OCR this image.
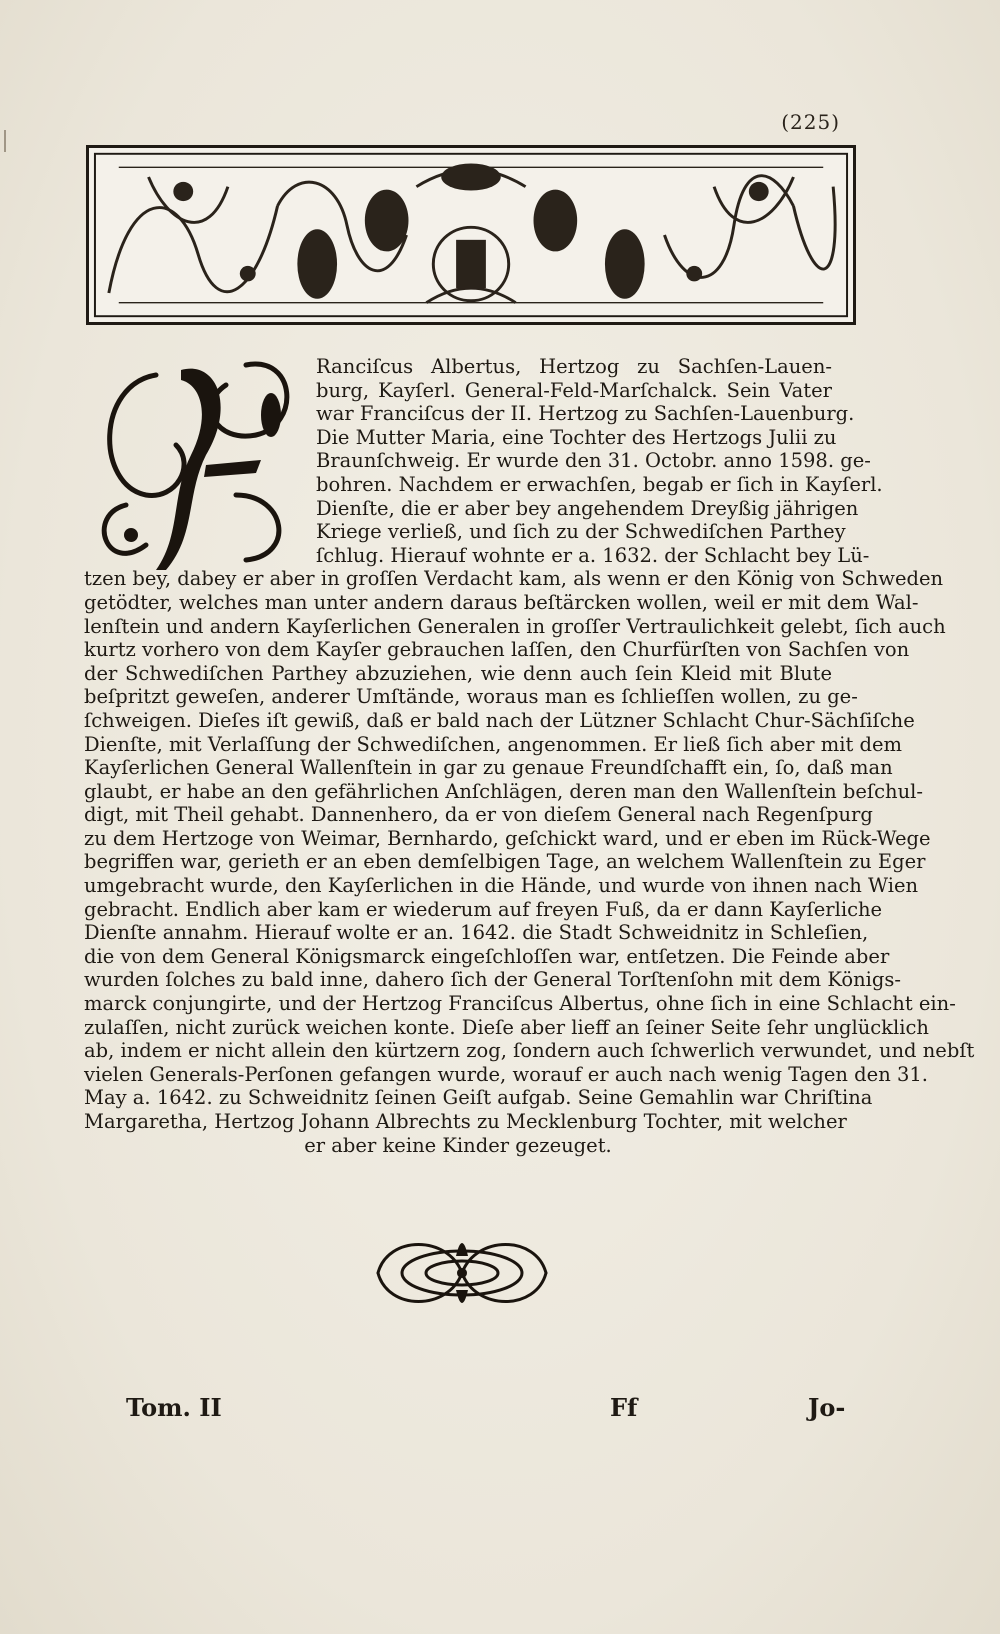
(225)
Ranciſcus Albertus, Hertzog zu Sachſen-Lauen-
burg, Kayſerl. General-Feld-Marſchalck. Sein Vater
war Franciſcus der II. Hertzog zu Sachſen-Lauenburg.
Die Mutter Maria, eine Tochter des Hertzogs Julii zu
Braunſchweig. Er wurde den 31. Octobr. anno 1598. ge-
bohren. Nachdem er erwachſen, begab er ſich in Kayſerl.
Dienſte, die er aber bey angehendem Dreyßig jährigen
Kriege verließ, und ſich zu der Schwediſchen Parthey
ſchlug. Hierauf wohnte er a. 1632. der Schlacht bey Lü-
tzen bey, dabey er aber in groſſen Verdacht kam, als wenn er den König von Schweden
getödter, welches man unter andern daraus beſtärcken wollen, weil er mit dem Wal-
lenſtein und andern Kayſerlichen Generalen in groſſer Vertraulichkeit gelebt, ſich auch
kurtz vorhero von dem Kayſer gebrauchen laſſen, den Churfürſten von Sachſen von
der Schwediſchen Parthey abzuziehen, wie denn auch ſein Kleid mit Blute
beſpritzt geweſen, anderer Umſtände, woraus man es ſchlieſſen wollen, zu ge-
ſchweigen. Dieſes iſt gewiß, daß er bald nach der Lützner Schlacht Chur-Sächſiſche
Dienſte, mit Verlaſſung der Schwediſchen, angenommen. Er ließ ſich aber mit dem
Kayſerlichen General Wallenſtein in gar zu genaue Freundſchafft ein, ſo, daß man
glaubt, er habe an den gefährlichen Anſchlägen, deren man den Wallenſtein beſchul-
digt, mit Theil gehabt. Dannenhero, da er von dieſem General nach Regenſpurg
zu dem Hertzoge von Weimar, Bernhardo, geſchickt ward, und er eben im Rück-Wege
begriffen war, gerieth er an eben demſelbigen Tage, an welchem Wallenſtein zu Eger
umgebracht wurde, den Kayſerlichen in die Hände, und wurde von ihnen nach Wien
gebracht. Endlich aber kam er wiederum auf freyen Fuß, da er dann Kayſerliche
Dienſte annahm. Hierauf wolte er an. 1642. die Stadt Schweidnitz in Schleſien,
die von dem General Königsmarck eingeſchloſſen war, entſetzen. Die Feinde aber
wurden ſolches zu bald inne, dahero ſich der General Torſtenſohn mit dem Königs-
marck conjungirte, und der Hertzog Franciſcus Albertus, ohne ſich in eine Schlacht ein-
zulaſſen, nicht zurück weichen konte. Dieſe aber lieff an ſeiner Seite ſehr unglücklich
ab, indem er nicht allein den kürtzern zog, ſondern auch ſchwerlich verwundet, und nebſt
vielen Generals-Perſonen gefangen wurde, worauf er auch nach wenig Tagen den 31.
May a. 1642. zu Schweidnitz ſeinen Geiſt aufgab. Seine Gemahlin war Chriſtina
Margaretha, Hertzog Johann Albrechts zu Mecklenburg Tochter, mit welcher
er aber keine Kinder gezeuget.
Tom. II	Ff	Jo-
